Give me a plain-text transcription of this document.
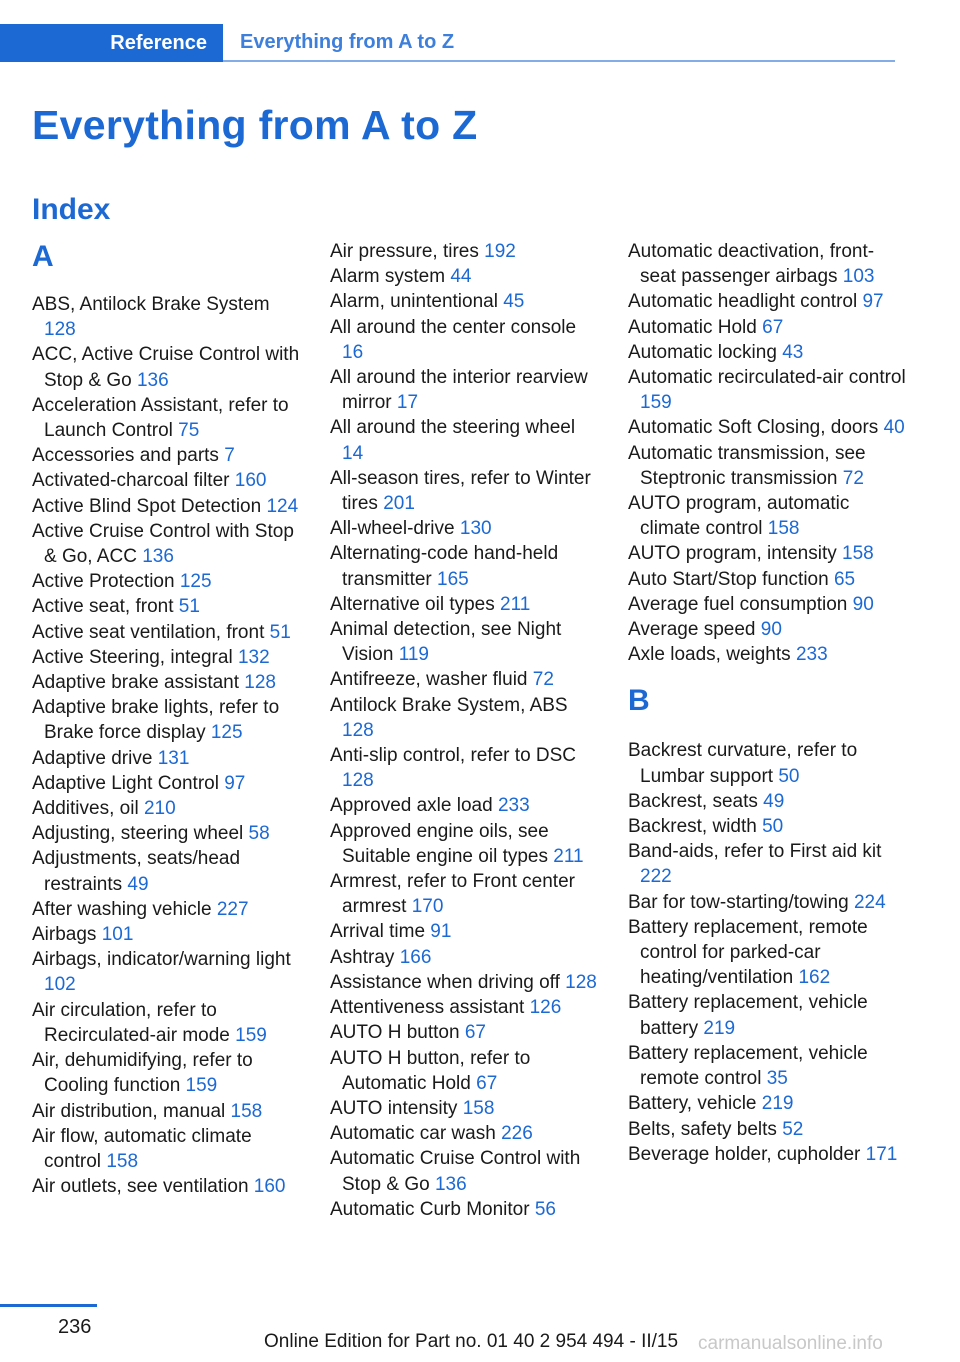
Reference Everything from A to Z
Everything from A to Z
Index
A
ABS, Antilock Brake System 128
ACC, Active Cruise Control with Stop & Go 136
Acceleration Assistant, refer to Launch Control 75
Accessories and parts 7
Activated-charcoal filter 160
Active Blind Spot Detection 124
Active Cruise Control with Stop & Go, ACC 136
Active Protection 125
Active seat, front 51
Active seat ventilation, front 51
Active Steering, integral 132
Adaptive brake assistant 128
Adaptive brake lights, refer to Brake force display 125
Adaptive drive 131
Adaptive Light Control 97
Additives, oil 210
Adjusting, steering wheel 58
Adjustments, seats/head restraints 49
After washing vehicle 227
Airbags 101
Airbags, indicator/warning light 102
Air circulation, refer to Recirculated-air mode 159
Air, dehumidifying, refer to Cooling function 159
Air distribution, manual 158
Air flow, automatic climate control 158
Air outlets, see ventilation 160
Air pressure, tires 192
Alarm system 44
Alarm, unintentional 45
All around the center console 16
All around the interior rearview mirror 17
All around the steering wheel 14
All-season tires, refer to Winter tires 201
All-wheel-drive 130
Alternating-code hand-held transmitter 165
Alternative oil types 211
Animal detection, see Night Vision 119
Antifreeze, washer fluid 72
Antilock Brake System, ABS 128
Anti-slip control, refer to DSC 128
Approved axle load 233
Approved engine oils, see Suitable engine oil types 211
Armrest, refer to Front center armrest 170
Arrival time 91
Ashtray 166
Assistance when driving off 128
Attentiveness assistant 126
AUTO H button 67
AUTO H button, refer to Automatic Hold 67
AUTO intensity 158
Automatic car wash 226
Automatic Cruise Control with Stop & Go 136
Automatic Curb Monitor 56
Automatic deactivation, front-seat passenger airbags 103
Automatic headlight control 97
Automatic Hold 67
Automatic locking 43
Automatic recirculated-air control 159
Automatic Soft Closing, doors 40
Automatic transmission, see Steptronic transmission 72
AUTO program, automatic climate control 158
AUTO program, intensity 158
Auto Start/Stop function 65
Average fuel consumption 90
Average speed 90
Axle loads, weights 233
B
Backrest curvature, refer to Lumbar support 50
Backrest, seats 49
Backrest, width 50
Band-aids, refer to First aid kit 222
Bar for tow-starting/towing 224
Battery replacement, remote control for parked-car heating/ventilation 162
Battery replacement, vehicle battery 219
Battery replacement, vehicle remote control 35
Battery, vehicle 219
Belts, safety belts 52
Beverage holder, cupholder 171
236
Online Edition for Part no. 01 40 2 954 494 - II/15 carmanualsonline.info
